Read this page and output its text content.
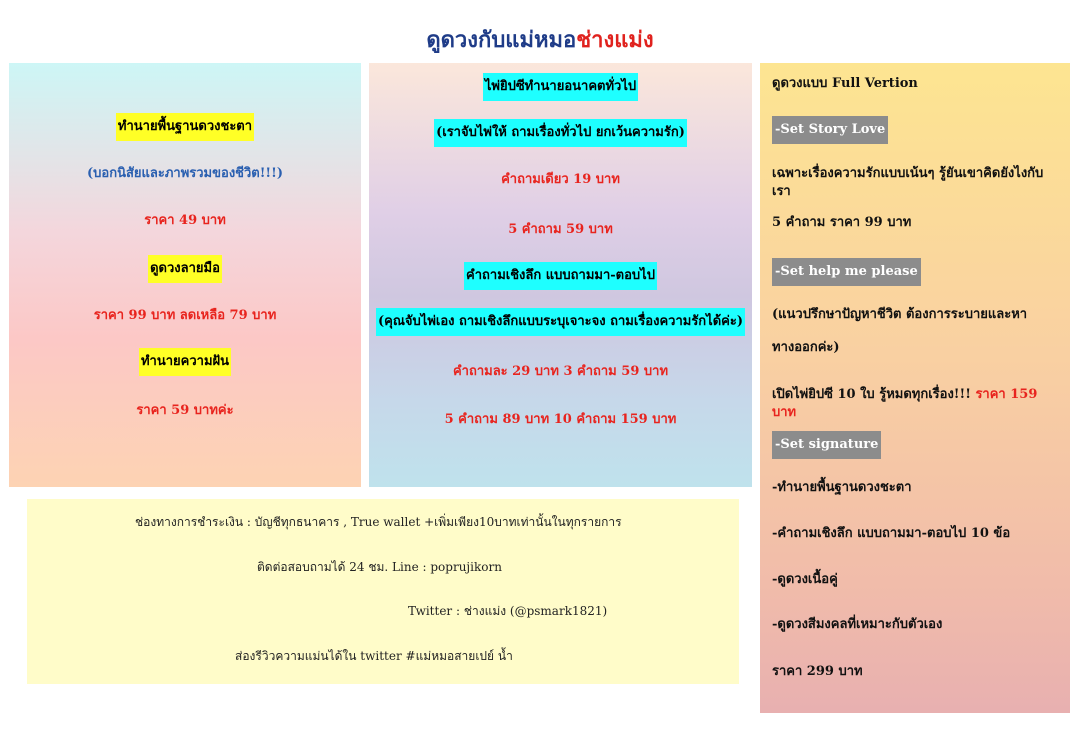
ดูดวงกับแม่หมอช่างแม่ง
ทำนายพื้นฐานดวงชะตา
(บอกนิสัยและภาพรวมของชีวิต!!!)
ราคา 49 บาท
ดูดวงลายมือ
ราคา 99 บาท ลดเหลือ 79 บาท
ทำนายความฝัน
ราคา 59 บาทค่ะ
ไพ่ยิปซีทำนายอนาคตทั่วไป
(เราจับไพ่ให้ ถามเรื่องทั่วไป ยกเว้นความรัก)
คำถามเดียว 19 บาท
5 คำถาม 59 บาท
คำถามเชิงลึก แบบถามมา-ตอบไป
(คุณจับไพ่เอง ถามเชิงลึกแบบระบุเจาะจง ถามเรื่องความรักได้ค่ะ)
คำถามละ 29 บาท 3 คำถาม 59 บาท
5 คำถาม 89 บาท 10 คำถาม 159 บาท
ดูดวงแบบ Full Vertion
-Set Story Love
เฉพาะเรื่องความรักแบบเน้นๆ รู้ยันเขาคิดยังไงกับเรา
5 คำถาม ราคา 99 บาท
-Set help me please
(แนวปรึกษาปัญหาชีวิต ต้องการระบายและหา
ทางออกค่ะ)
เปิดไพ่ยิปซี 10 ใบ รู้หมดทุกเรื่อง!!! ราคา 159 บาท
-Set signature
-ทำนายพื้นฐานดวงชะตา
-คำถามเชิงลึก แบบถามมา-ตอบไป 10 ข้อ
-ดูดวงเนื้อคู่
-ดูดวงสีมงคลที่เหมาะกับตัวเอง
ราคา 299 บาท
ช่องทางการชำระเงิน : บัญชีทุกธนาคาร , True wallet +เพิ่มเพียง10บาทเท่านั้นในทุกรายการ
ติดต่อสอบถามได้ 24 ชม. Line : poprujikorn
Twitter : ช่างแม่ง (@psmark1821)
ส่องรีวิวความแม่นได้ใน twitter #แม่หมอสายเปย์ น้ำ
